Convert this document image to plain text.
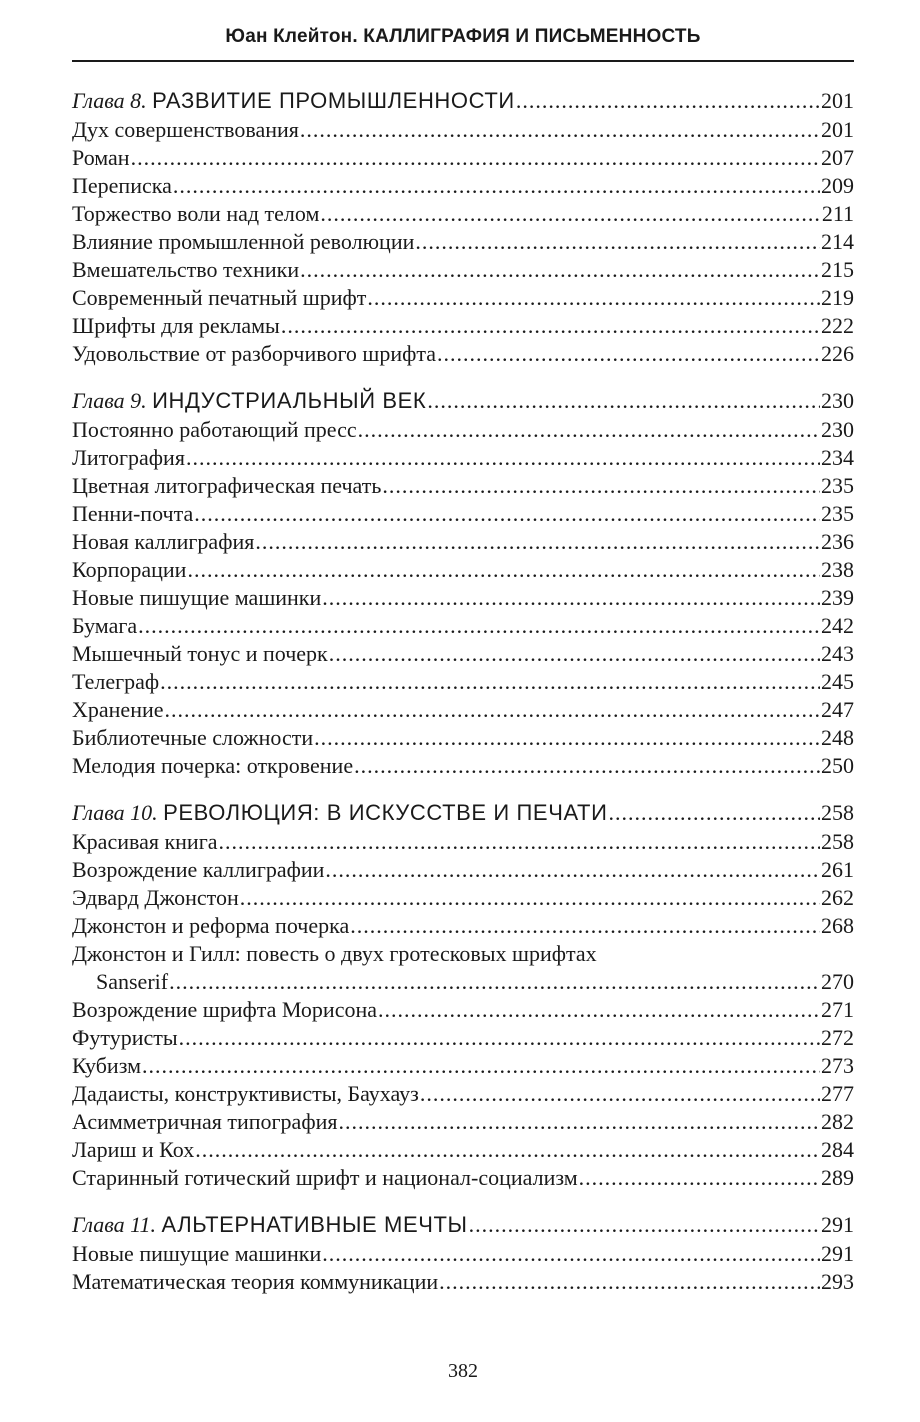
Юан Клейтон. КАЛЛИГРАФИЯ И ПИСЬМЕННОСТЬ
Глава 8. РАЗВИТИЕ ПРОМЫШЛЕННОСТИ .....	201
Дух совершенствования .....	201
Роман .....	207
Переписка .....	209
Торжество воли над телом .....	211
Влияние промышленной революции .....	214
Вмешательство техники .....	215
Современный печатный шрифт .....	219
Шрифты для рекламы .....	222
Удовольствие от разборчивого шрифта .....	226
Глава 9. ИНДУСТРИАЛЬНЫЙ ВЕК .....	230
Постоянно работающий пресс .....	230
Литография .....	234
Цветная литографическая печать .....	235
Пенни-почта .....	235
Новая каллиграфия .....	236
Корпорации .....	238
Новые пишущие машинки .....	239
Бумага .....	242
Мышечный тонус и почерк .....	243
Телеграф .....	245
Хранение .....	247
Библиотечные сложности .....	248
Мелодия почерка: откровение .....	250
Глава 10. РЕВОЛЮЦИЯ: В ИСКУССТВЕ И ПЕЧАТИ .....	258
Красивая книга .....	258
Возрождение каллиграфии .....	261
Эдвард Джонстон .....	262
Джонстон и реформа почерка .....	268
Джонстон и Гилл: повесть о двух гротесковых шрифтах
Sanserif .....	270
Возрождение шрифта Морисона .....	271
Футуристы .....	272
Кубизм .....	273
Дадаисты, конструктивисты, Баухауз .....	277
Асимметричная типография .....	282
Лариш и Кох .....	284
Старинный готический шрифт и национал-социализм .....	289
Глава 11. АЛЬТЕРНАТИВНЫЕ МЕЧТЫ .....	291
Новые пишущие машинки .....	291
Математическая теория коммуникации .....	293
382
